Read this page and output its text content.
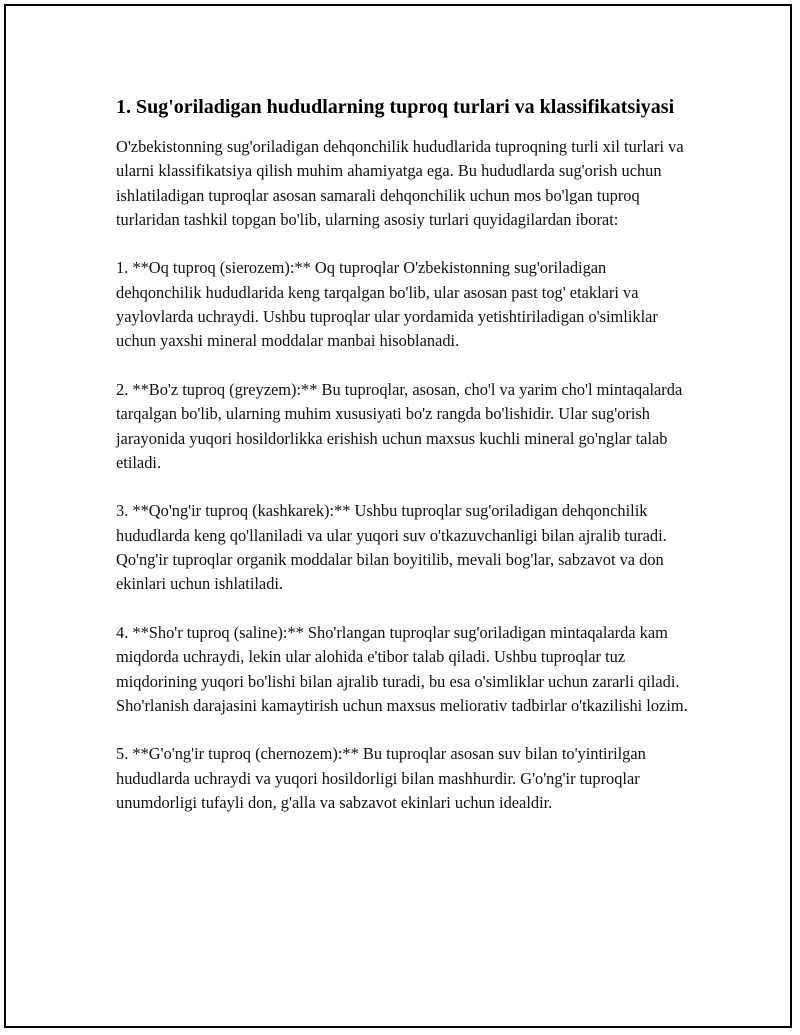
1. Sug'oriladigan hududlarning tuproq turlari va klassifikatsiyasi

O'zbekistonning sug'oriladigan dehqonchilik hududlarida tuproqning turli xil turlari va ularni klassifikatsiya qilish muhim ahamiyatga ega. Bu hududlarda sug'orish uchun ishlatiladigan tuproqlar asosan samarali dehqonchilik uchun mos bo'lgan tuproq turlaridan tashkil topgan bo'lib, ularning asosiy turlari quyidagilardan iborat:

1. **Oq tuproq (sierozem):** Oq tuproqlar O'zbekistonning sug'oriladigan dehqonchilik hududlarida keng tarqalgan bo'lib, ular asosan past tog' etaklari va yaylovlarda uchraydi. Ushbu tuproqlar ular yordamida yetishtiriladigan o'simliklar uchun yaxshi mineral moddalar manbai hisoblanadi.

2. **Bo'z tuproq (greyzem):** Bu tuproqlar, asosan, cho'l va yarim cho'l mintaqalarda tarqalgan bo'lib, ularning muhim xususiyati bo'z rangda bo'lishidir. Ular sug'orish jarayonida yuqori hosildorlikka erishish uchun maxsus kuchli mineral go'nglar talab etiladi.

3. **Qo'ng'ir tuproq (kashkarek):** Ushbu tuproqlar sug'oriladigan dehqonchilik hududlarda keng qo'llaniladi va ular yuqori suv o'tkazuvchanligi bilan ajralib turadi. Qo'ng'ir tuproqlar organik moddalar bilan boyitilib, mevali bog'lar, sabzavot va don ekinlari uchun ishlatiladi.

4. **Sho'r tuproq (saline):** Sho'rlangan tuproqlar sug'oriladigan mintaqalarda kam miqdorda uchraydi, lekin ular alohida e'tibor talab qiladi. Ushbu tuproqlar tuz miqdorining yuqori bo'lishi bilan ajralib turadi, bu esa o'simliklar uchun zararli qiladi. Sho'rlanish darajasini kamaytirish uchun maxsus meliorativ tadbirlar o'tkazilishi lozim.

5. **G'o'ng'ir tuproq (chernozem):** Bu tuproqlar asosan suv bilan to'yintirilgan hududlarda uchraydi va yuqori hosildorligi bilan mashhurdir. G'o'ng'ir tuproqlar unumdorligi tufayli don, g'alla va sabzavot ekinlari uchun idealdir.
